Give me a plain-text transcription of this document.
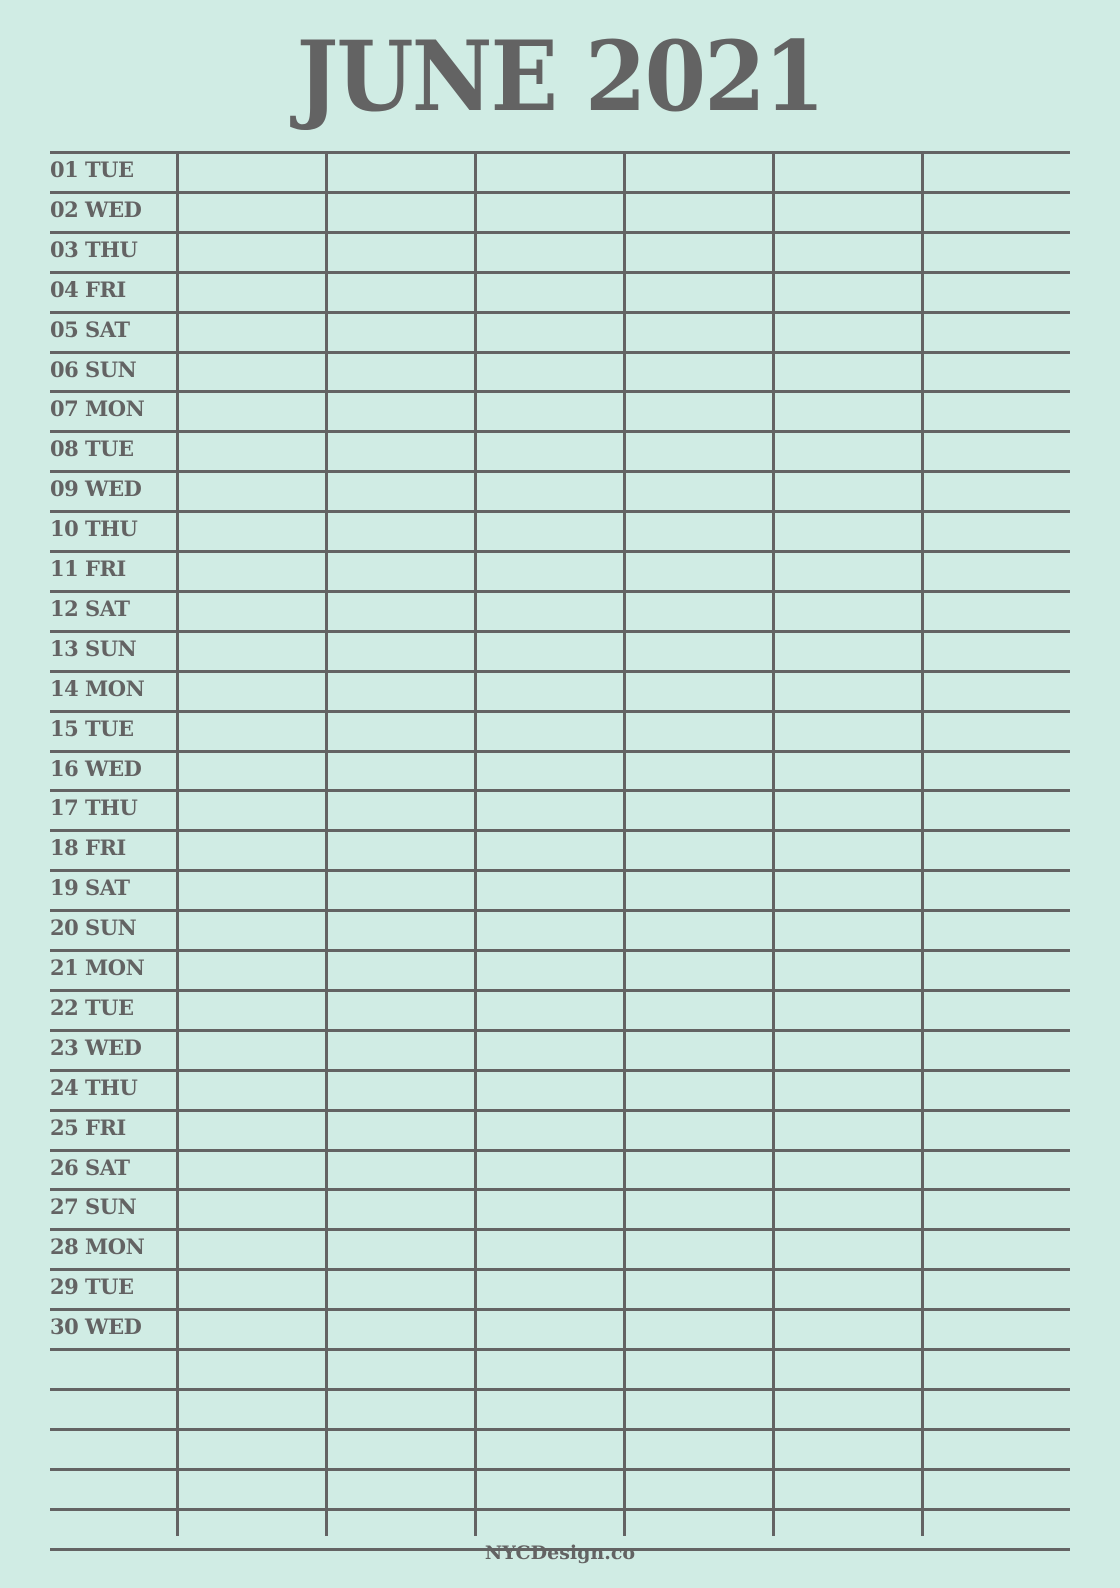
JUNE 2021
01 TUE
02 WED
03 THU
04 FRI
05 SAT
06 SUN
07 MON
08 TUE
09 WED
10 THU
11 FRI
12 SAT
13 SUN
14 MON
15 TUE
16 WED
17 THU
18 FRI
19 SAT
20 SUN
21 MON
22 TUE
23 WED
24 THU
25 FRI
26 SAT
27 SUN
28 MON
29 TUE
30 WED
NYCDesign.co
